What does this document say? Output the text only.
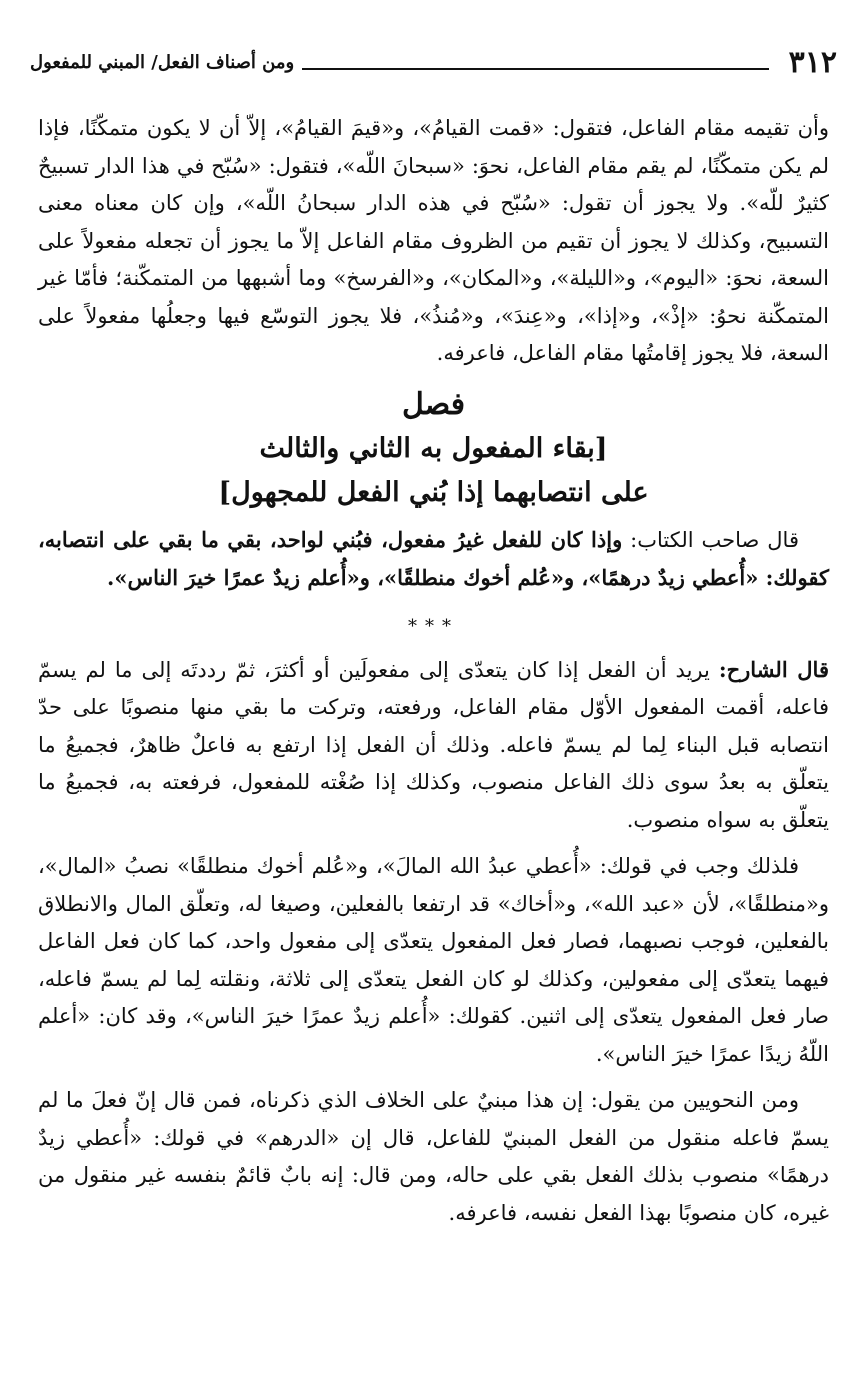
٣١٢
ومن أصناف الفعل/ المبني للمفعول

وأن تقيمه مقام الفاعل، فتقول: «قمت القيامُ»، و«قيمَ القيامُ»، إلاّ أن لا يكون متمكّنًا، فإذا لم يكن متمكّنًا، لم يقم مقام الفاعل، نحوَ: «سبحانَ اللّه»، فتقول: «سُبّح في هذا الدار تسبيحٌ كثيرٌ للّه». ولا يجوز أن تقول: «سُبّح في هذه الدار سبحانُ اللّه»، وإن كان معناه معنى التسبيح، وكذلك لا يجوز أن تقيم من الظروف مقام الفاعل إلاّ ما يجوز أن تجعله مفعولاً على السعة، نحوَ: «اليوم»، و«الليلة»، و«المكان»، و«الفرسخ» وما أشبهها من المتمكّنة؛ فأمّا غير المتمكّنة نحوُ: «إذْ»، و«إذا»، و«عِندَ»، و«مُنذُ»، فلا يجوز التوسّع فيها وجعلُها مفعولاً على السعة، فلا يجوز إقامتُها مقام الفاعل، فاعرفه.

فصل
[بقاء المفعول به الثاني والثالث
على انتصابهما إذا بُني الفعل للمجهول]

قال صاحب الكتاب: وإذا كان للفعل غيرُ مفعول، فبُني لواحد، بقي ما بقي على انتصابه، كقولك: «أُعطي زيدٌ درهمًا»، و«عُلم أخوك منطلقًا»، و«أُعلم زيدٌ عمرًا خيرَ الناس».

***

قال الشارح: يريد أن الفعل إذا كان يتعدّى إلى مفعولَين أو أكثرَ، ثمّ رددتَه إلى ما لم يسمّ فاعله، أقمت المفعول الأوّل مقام الفاعل، ورفعته، وتركت ما بقي منها منصوبًا على حدّ انتصابه قبل البناء لِما لم يسمّ فاعله. وذلك أن الفعل إذا ارتفع به فاعلٌ ظاهرٌ، فجميعُ ما يتعلّق به بعدُ سوى ذلك الفاعل منصوب، وكذلك إذا صُغْته للمفعول، فرفعته به، فجميعُ ما يتعلّق به سواه منصوب.

فلذلك وجب في قولك: «أُعطي عبدُ الله المالَ»، و«عُلم أخوك منطلقًا» نصبُ «المال»، و«منطلقًا»، لأن «عبد الله»، و«أخاك» قد ارتفعا بالفعلين، وصيغا له، وتعلّق المال والانطلاق بالفعلين، فوجب نصبهما، فصار فعل المفعول يتعدّى إلى مفعول واحد، كما كان فعل الفاعل فيهما يتعدّى إلى مفعولين، وكذلك لو كان الفعل يتعدّى إلى ثلاثة، ونقلته لِما لم يسمّ فاعله، صار فعل المفعول يتعدّى إلى اثنين. كقولك: «أُعلم زيدٌ عمرًا خيرَ الناس»، وقد كان: «أعلم اللّهُ زيدًا عمرًا خيرَ الناس».

ومن النحويين من يقول: إن هذا مبنيٌ على الخلاف الذي ذكرناه، فمن قال إنّ فعلَ ما لم يسمّ فاعله منقول من الفعل المبنيّ للفاعل، قال إن «الدرهم» في قولك: «أُعطي زيدٌ درهمًا» منصوب بذلك الفعل بقي على حاله، ومن قال: إنه بابٌ قائمٌ بنفسه غير منقول من غيره، كان منصوبًا بهذا الفعل نفسه، فاعرفه.
